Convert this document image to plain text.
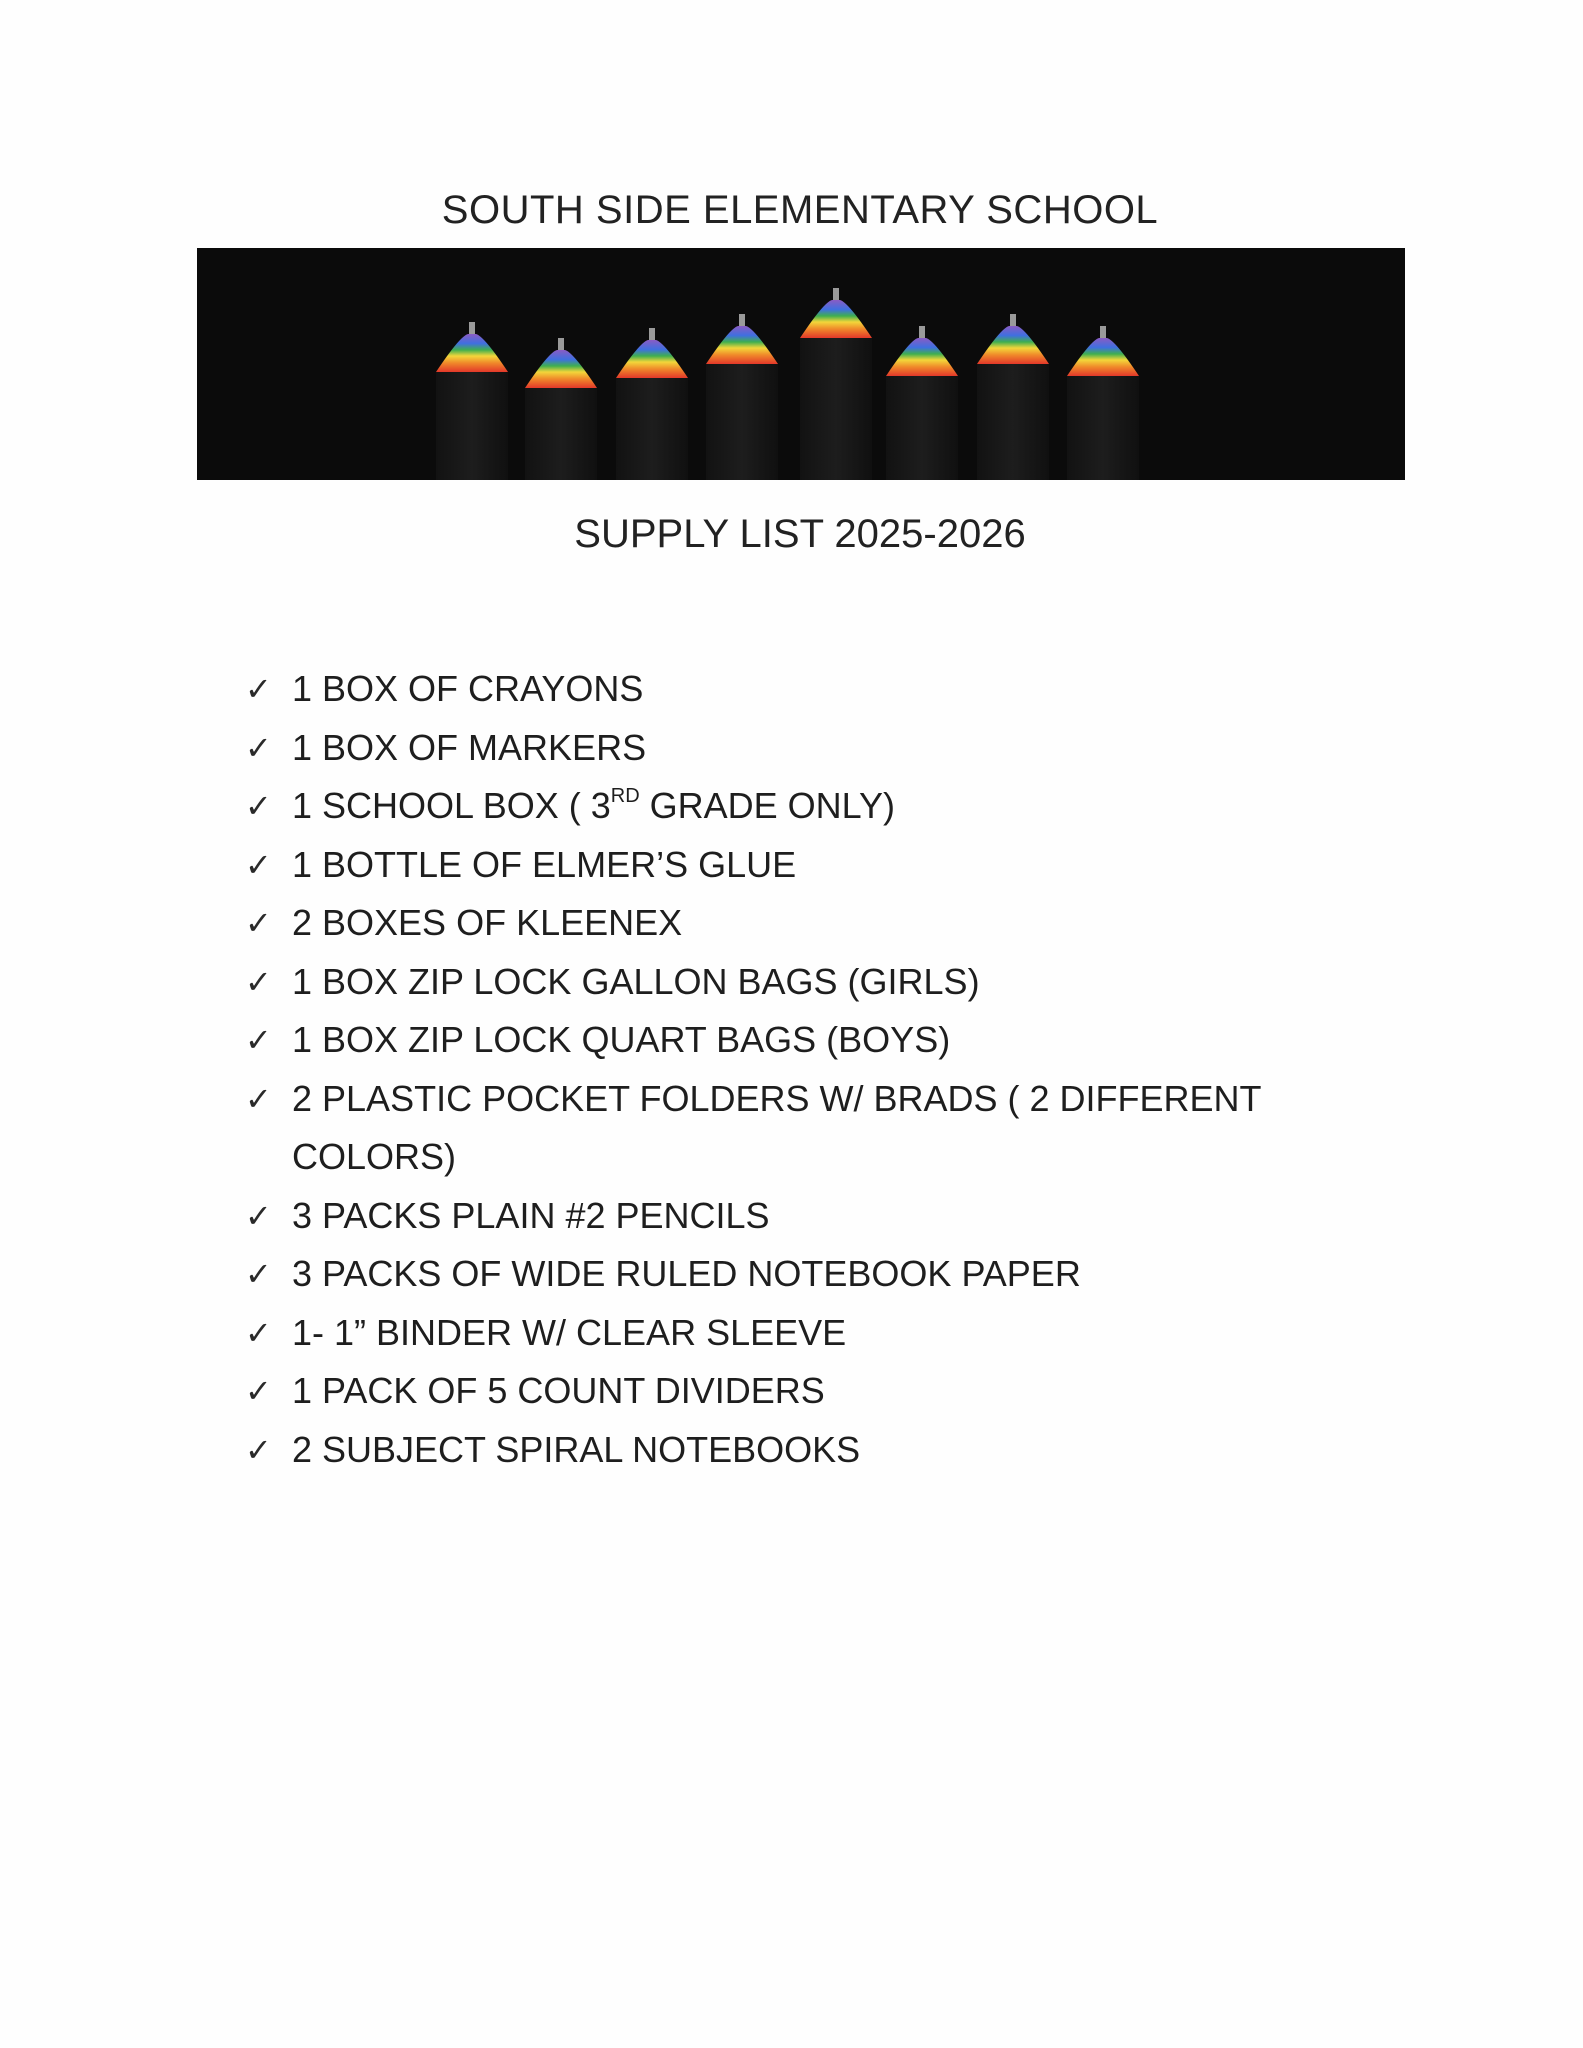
SOUTH SIDE ELEMENTARY SCHOOL
SUPPLY LIST 2025-2026
✓ 1 BOX OF CRAYONS
✓ 1 BOX OF MARKERS
✓ 1 SCHOOL BOX ( 3RD GRADE ONLY)
✓ 1 BOTTLE OF ELMER’S GLUE
✓ 2 BOXES OF KLEENEX
✓ 1 BOX ZIP LOCK GALLON BAGS (GIRLS)
✓ 1 BOX ZIP LOCK QUART BAGS (BOYS)
✓ 2 PLASTIC POCKET FOLDERS W/ BRADS ( 2 DIFFERENT
COLORS)
✓ 3 PACKS PLAIN #2 PENCILS
✓ 3 PACKS OF WIDE RULED NOTEBOOK PAPER
✓ 1- 1” BINDER W/ CLEAR SLEEVE
✓ 1 PACK OF 5 COUNT DIVIDERS
✓ 2 SUBJECT SPIRAL NOTEBOOKS
